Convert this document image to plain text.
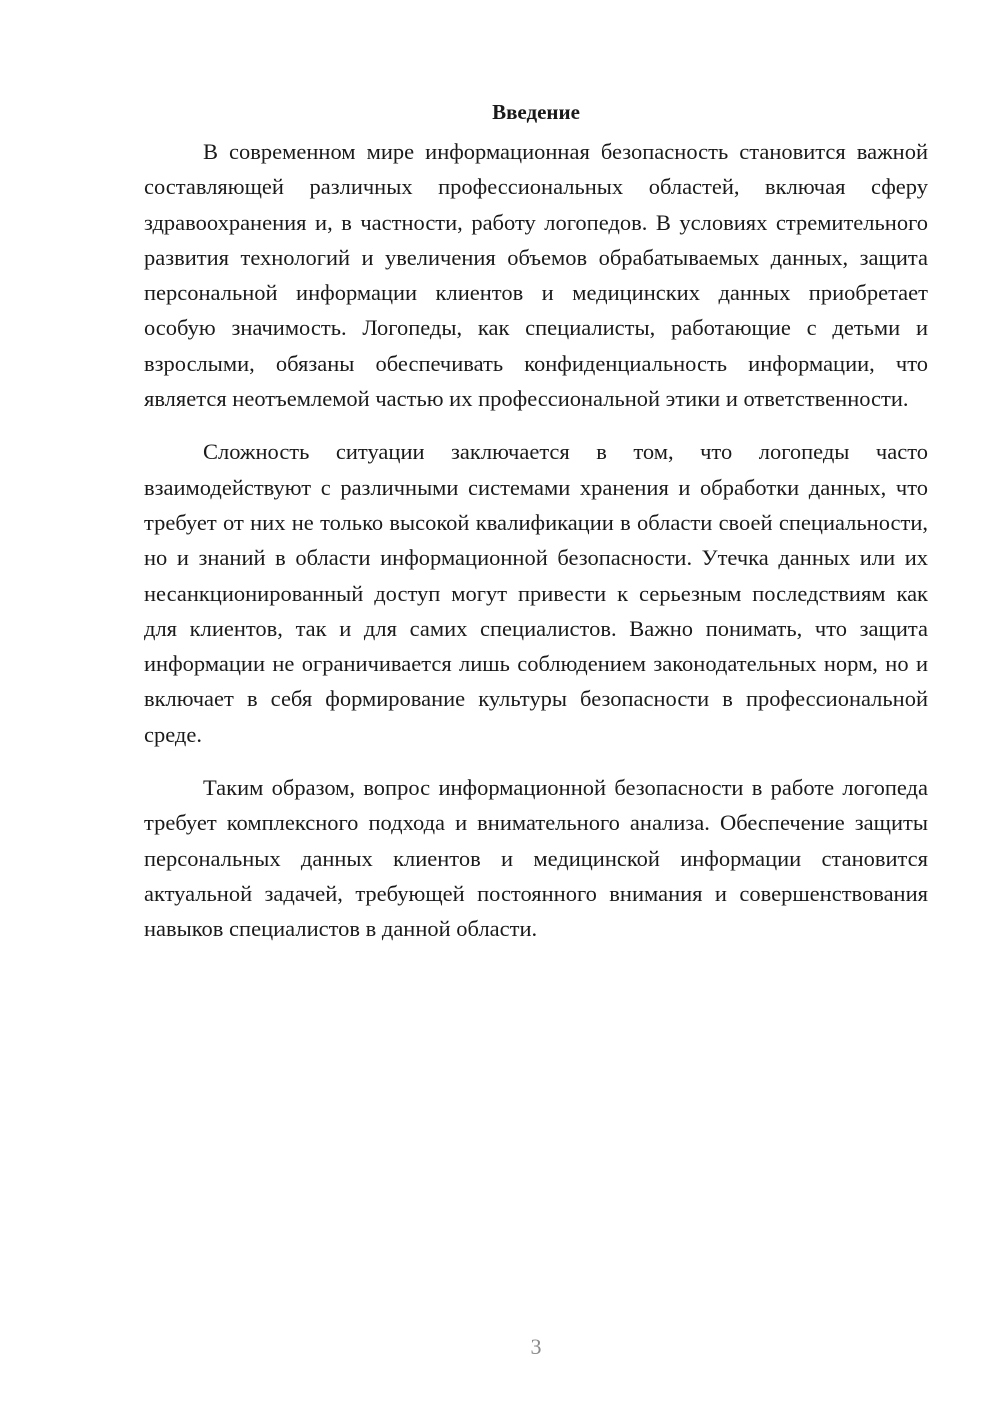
Введение

В современном мире информационная безопасность становится важной составляющей различных профессиональных областей, включая сферу здравоохранения и, в частности, работу логопедов. В условиях стремительного развития технологий и увеличения объемов обрабатываемых данных, защита персональной информации клиентов и медицинских данных приобретает особую значимость. Логопеды, как специалисты, работающие с детьми и взрослыми, обязаны обеспечивать конфиденциальность информации, что является неотъемлемой частью их профессиональной этики и ответственности.

Сложность ситуации заключается в том, что логопеды часто взаимодействуют с различными системами хранения и обработки данных, что требует от них не только высокой квалификации в области своей специальности, но и знаний в области информационной безопасности. Утечка данных или их несанкционированный доступ могут привести к серьезным последствиям как для клиентов, так и для самих специалистов. Важно понимать, что защита информации не ограничивается лишь соблюдением законодательных норм, но и включает в себя формирование культуры безопасности в профессиональной среде.

Таким образом, вопрос информационной безопасности в работе логопеда требует комплексного подхода и внимательного анализа. Обеспечение защиты персональных данных клиентов и медицинской информации становится актуальной задачей, требующей постоянного внимания и совершенствования навыков специалистов в данной области.

3
